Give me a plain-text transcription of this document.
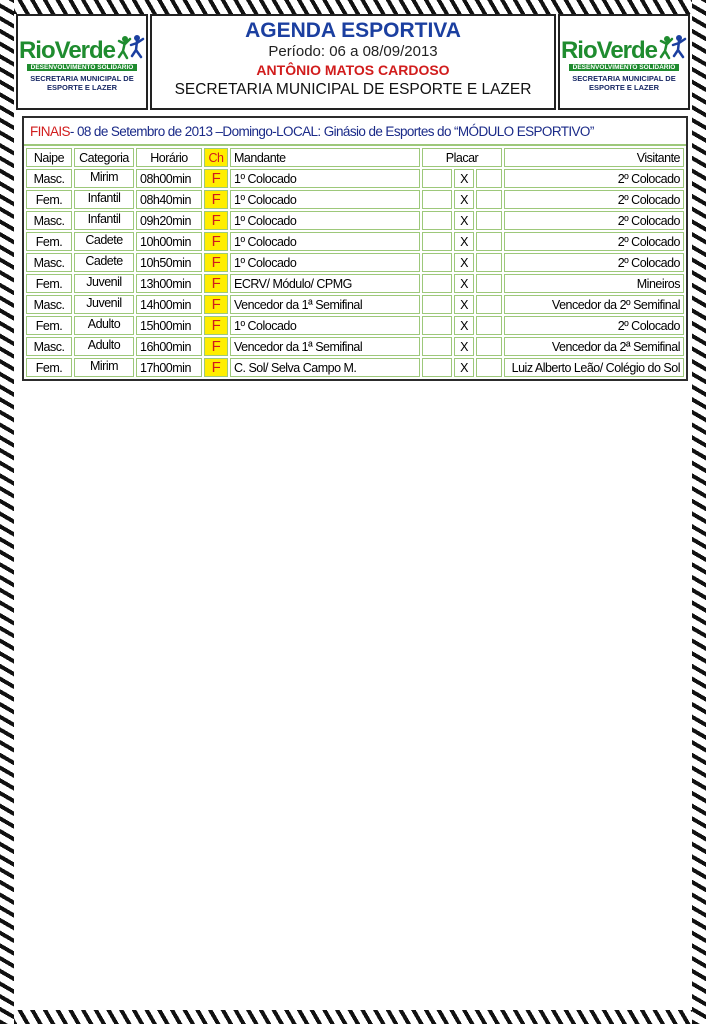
RioVerde
DESENVOLVIMENTO SOLIDÁRIO
SECRETARIA MUNICIPAL DE
ESPORTE E LAZER
AGENDA ESPORTIVA
Período: 06 a 08/09/2013
ANTÔNIO MATOS CARDOSO
SECRETARIA MUNICIPAL DE ESPORTE E LAZER
RioVerde
DESENVOLVIMENTO SOLIDÁRIO
SECRETARIA MUNICIPAL DE
ESPORTE E LAZER
FINAIS - 08 de Setembro de 2013 –Domingo-LOCAL: Ginásio de Esportes do “MÓDULO ESPORTIVO”
Naipe	Categoria	Horário	Ch	Mandante	Placar			Visitante
Masc.	Mirim	08h00min	F	1º Colocado		X		2º Colocado
Fem.	Infantil	08h40min	F	1º Colocado		X		2º Colocado
Masc.	Infantil	09h20min	F	1º Colocado		X		2º Colocado
Fem.	Cadete	10h00min	F	1º Colocado		X		2º Colocado
Masc.	Cadete	10h50min	F	1º Colocado		X		2º Colocado
Fem.	Juvenil	13h00min	F	ECRV/ Módulo/ CPMG		X		Mineiros
Masc.	Juvenil	14h00min	F	Vencedor da 1ª Semifinal		X		Vencedor da 2º Semifinal
Fem.	Adulto	15h00min	F	1º Colocado		X		2º Colocado
Masc.	Adulto	16h00min	F	Vencedor da 1ª Semifinal		X		Vencedor da 2ª Semifinal
Fem.	Mirim	17h00min	F	C. Sol/ Selva Campo M.		X		Luiz Alberto Leão/ Colégio do Sol
